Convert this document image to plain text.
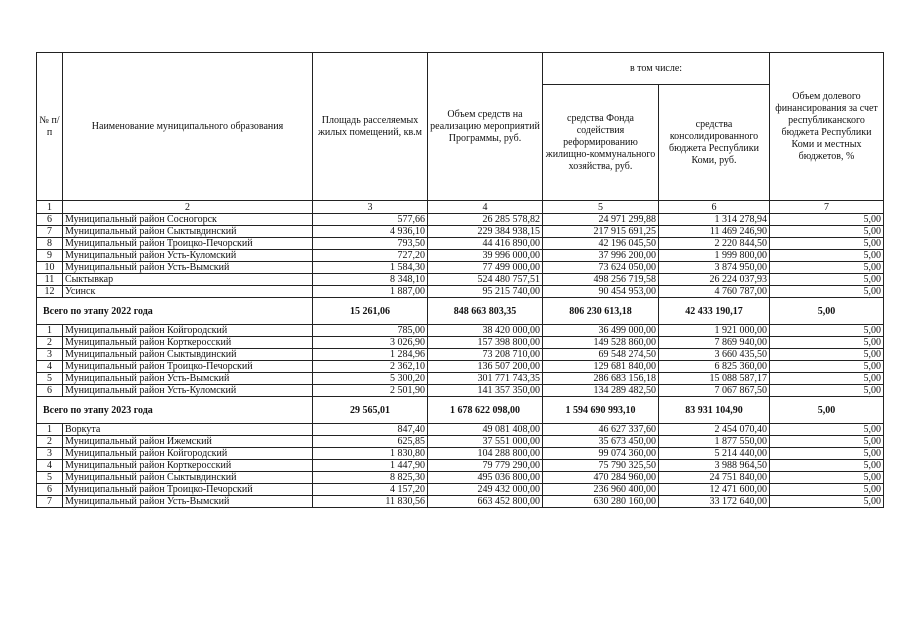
№ п/п	Наименование муниципального образования	Площадь расселяемых жилых помещений, кв.м	Объем средств на реализацию мероприятий Программы, руб.	в том числе:		Объем долевого финансирования за счет республиканского бюджета Республики Коми и местных бюджетов, %
				средства Фонда содействия реформированию жилищно-коммунального хозяйства, руб.	средства консолидированного бюджета Республики Коми, руб.	
1	2	3	4	5	6	7
6	Муниципальный район Сосногорск	577,66	26 285 578,82	24 971 299,88	1 314 278,94	5,00
7	Муниципальный район Сыктывдинский	4 936,10	229 384 938,15	217 915 691,25	11 469 246,90	5,00
8	Муниципальный район Троицко-Печорский	793,50	44 416 890,00	42 196 045,50	2 220 844,50	5,00
9	Муниципальный район Усть-Куломский	727,20	39 996 000,00	37 996 200,00	1 999 800,00	5,00
10	Муниципальный район Усть-Вымский	1 584,30	77 499 000,00	73 624 050,00	3 874 950,00	5,00
11	Сыктывкар	8 348,10	524 480 757,51	498 256 719,58	26 224 037,93	5,00
12	Усинск	1 887,00	95 215 740,00	90 454 953,00	4 760 787,00	5,00
Всего по этапу 2022 года		15 261,06	848 663 803,35	806 230 613,18	42 433 190,17	5,00
1	Муниципальный район Койгородский	785,00	38 420 000,00	36 499 000,00	1 921 000,00	5,00
2	Муниципальный район Корткеросский	3 026,90	157 398 800,00	149 528 860,00	7 869 940,00	5,00
3	Муниципальный район Сыктывдинский	1 284,96	73 208 710,00	69 548 274,50	3 660 435,50	5,00
4	Муниципальный район Троицко-Печорский	2 362,10	136 507 200,00	129 681 840,00	6 825 360,00	5,00
5	Муниципальный район Усть-Вымский	5 300,20	301 771 743,35	286 683 156,18	15 088 587,17	5,00
6	Муниципальный район Усть-Куломский	2 501,90	141 357 350,00	134 289 482,50	7 067 867,50	5,00
Всего по этапу 2023 года		29 565,01	1 678 622 098,00	1 594 690 993,10	83 931 104,90	5,00
1	Воркута	847,40	49 081 408,00	46 627 337,60	2 454 070,40	5,00
2	Муниципальный район Ижемский	625,85	37 551 000,00	35 673 450,00	1 877 550,00	5,00
3	Муниципальный район Койгородский	1 830,80	104 288 800,00	99 074 360,00	5 214 440,00	5,00
4	Муниципальный район Корткеросский	1 447,90	79 779 290,00	75 790 325,50	3 988 964,50	5,00
5	Муниципальный район Сыктывдинский	8 825,30	495 036 800,00	470 284 960,00	24 751 840,00	5,00
6	Муниципальный район Троицко-Печорский	4 157,20	249 432 000,00	236 960 400,00	12 471 600,00	5,00
7	Муниципальный район Усть-Вымский	11 830,56	663 452 800,00	630 280 160,00	33 172 640,00	5,00
